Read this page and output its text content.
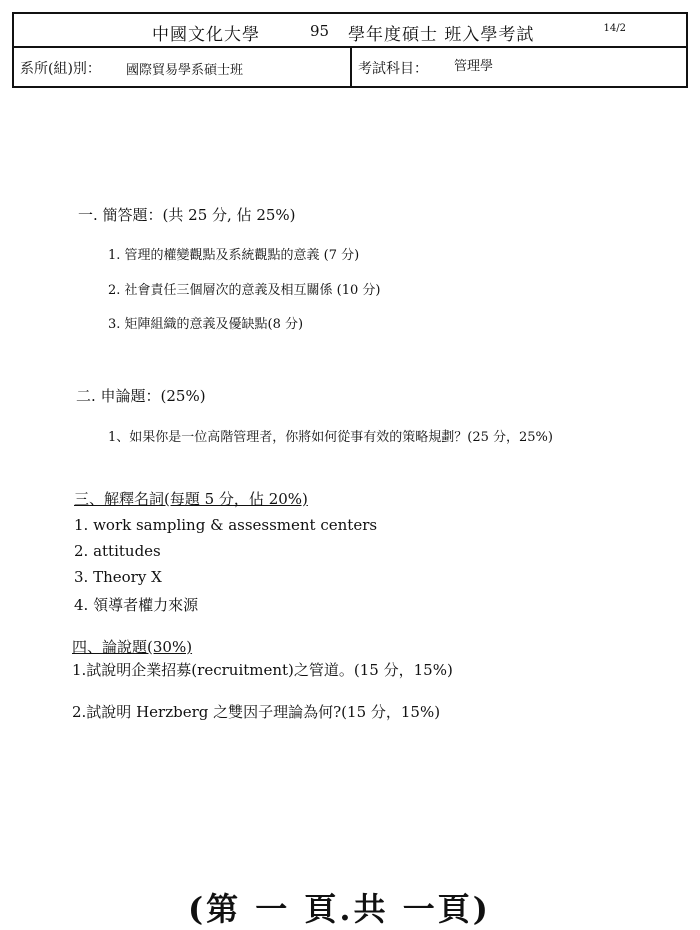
中國文化大學	95 學年度碩士 班入學考試	14/2
系所(組)別： 國際貿易學系碩士班	考試科目： 管理學
一. 簡答題：(共 25 分, 佔 25%)
1. 管理的權變觀點及系統觀點的意義 (7 分)
2. 社會責任三個層次的意義及相互關係 (10 分)
3. 矩陣組織的意義及優缺點(8 分)
二. 申論題：(25%)
1、如果你是一位高階管理者，你將如何從事有效的策略規劃？(25 分，25%)
三、解釋名詞(每題 5 分，佔 20%)
1. work sampling & assessment centers
2. attitudes
3. Theory X
4. 領導者權力來源
四、論說題(30%)
1.試說明企業招募(recruitment)之管道。(15 分，15%)
2.試說明 Herzberg 之雙因子理論為何?(15 分，15%)
(第 一 頁.共 一頁)
